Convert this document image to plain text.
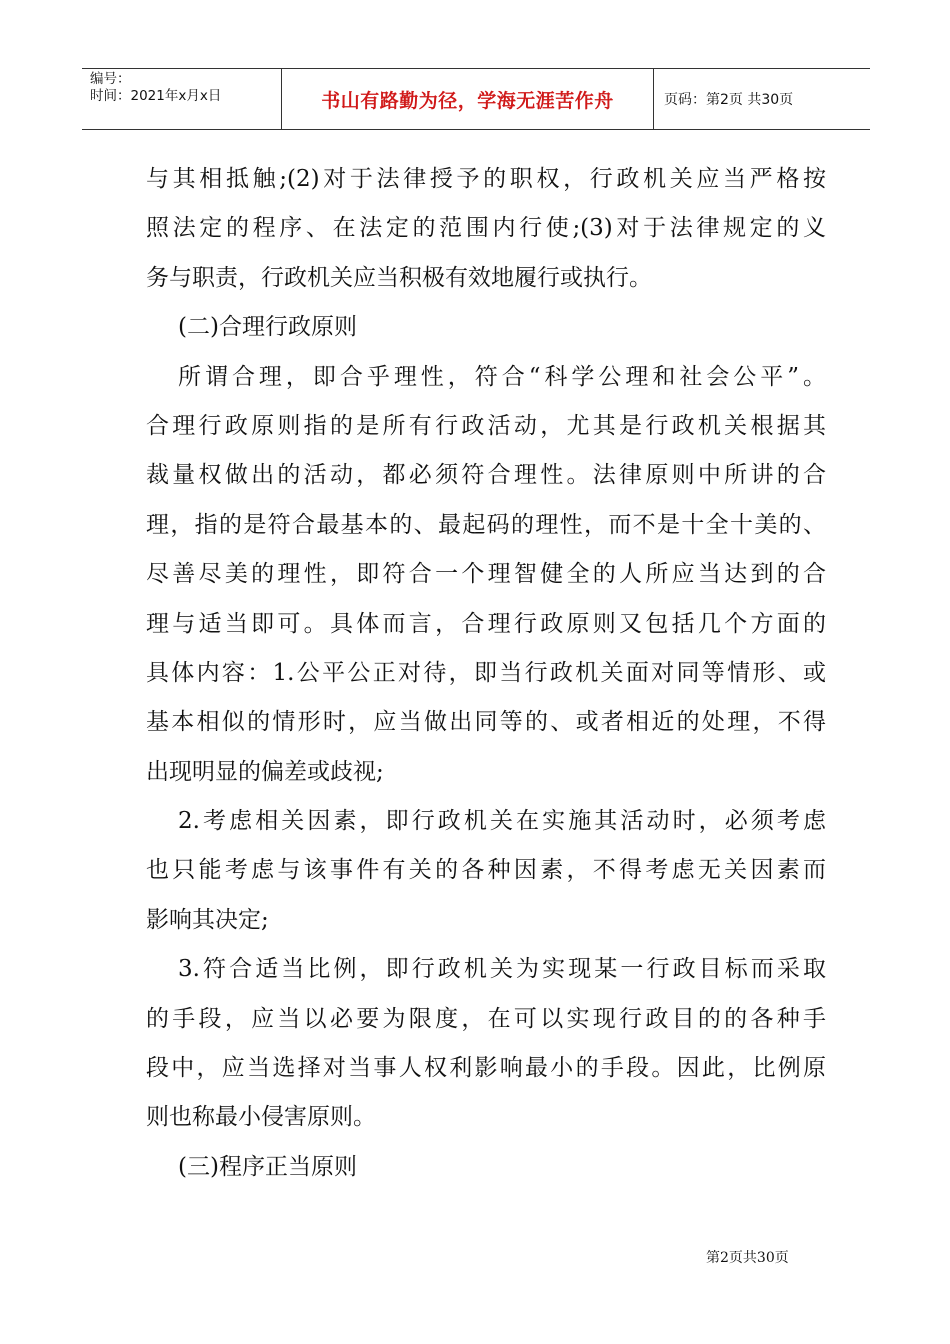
编号：
时间：2021年x月x日	书山有路勤为径，学海无涯苦作舟	页码：第2页 共30页
与其相抵触;(2)对于法律授予的职权，行政机关应当严格按
照法定的程序、在法定的范围内行使;(3)对于法律规定的义
务与职责，行政机关应当积极有效地履行或执行。
(二)合理行政原则
所谓合理，即合乎理性，符合“科学公理和社会公平”。
合理行政原则指的是所有行政活动，尤其是行政机关根据其
裁量权做出的活动，都必须符合理性。法律原则中所讲的合
理，指的是符合最基本的、最起码的理性，而不是十全十美的、
尽善尽美的理性，即符合一个理智健全的人所应当达到的合
理与适当即可。具体而言，合理行政原则又包括几个方面的
具体内容：1.公平公正对待，即当行政机关面对同等情形、或
基本相似的情形时，应当做出同等的、或者相近的处理，不得
出现明显的偏差或歧视;
2.考虑相关因素，即行政机关在实施其活动时，必须考虑
也只能考虑与该事件有关的各种因素，不得考虑无关因素而
影响其决定;
3.符合适当比例，即行政机关为实现某一行政目标而采取
的手段，应当以必要为限度，在可以实现行政目的的各种手
段中，应当选择对当事人权利影响最小的手段。因此，比例原
则也称最小侵害原则。
(三)程序正当原则
第2页共30页
